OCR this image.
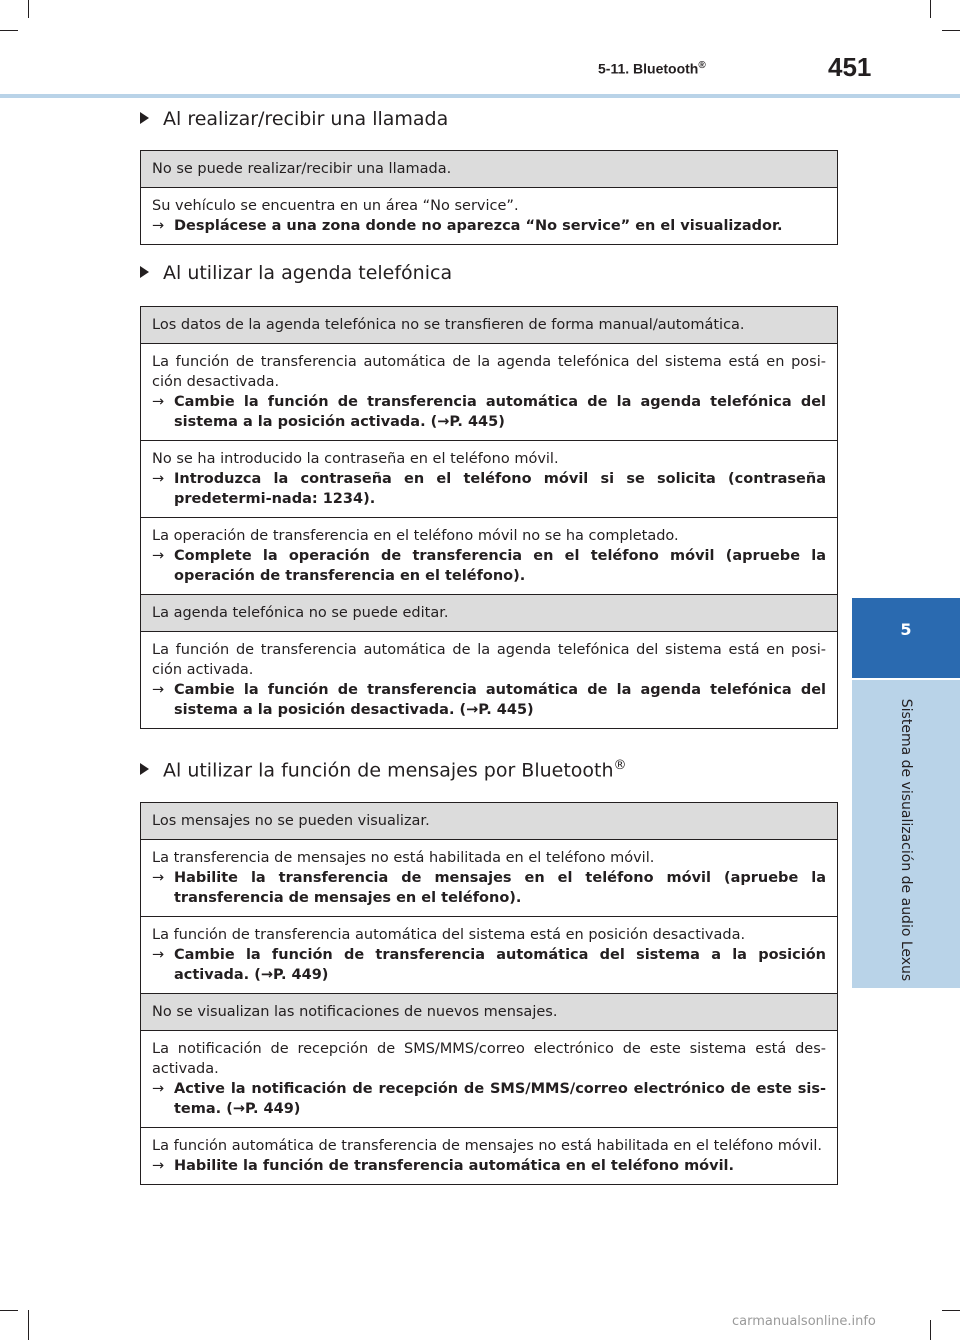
5-11. Bluetooth®	451
5
Sistema de visualización de audio Lexus
Al realizar/recibir una llamada
No se puede realizar/recibir una llamada.

Su vehículo se encuentra en un área “No service”.
→ Desplácese a una zona donde no aparezca “No service” en el visualizador.
Al utilizar la agenda telefónica
Los datos de la agenda telefónica no se transfieren de forma manual/automática.

La función de transferencia automática de la agenda telefónica del sistema está en posi-ción desactivada.
→ Cambie la función de transferencia automática de la agenda telefónica del sistema a la posición activada. (→P. 445)

No se ha introducido la contraseña en el teléfono móvil.
→ Introduzca la contraseña en el teléfono móvil si se solicita (contraseña predetermi-nada: 1234).

La operación de transferencia en el teléfono móvil no se ha completado.
→ Complete la operación de transferencia en el teléfono móvil (apruebe la operación de transferencia en el teléfono).

La agenda telefónica no se puede editar.

La función de transferencia automática de la agenda telefónica del sistema está en posi-ción activada.
→ Cambie la función de transferencia automática de la agenda telefónica del sistema a la posición desactivada. (→P. 445)
Al utilizar la función de mensajes por Bluetooth®
Los mensajes no se pueden visualizar.

La transferencia de mensajes no está habilitada en el teléfono móvil.
→ Habilite la transferencia de mensajes en el teléfono móvil (apruebe la transferencia de mensajes en el teléfono).

La función de transferencia automática del sistema está en posición desactivada.
→ Cambie la función de transferencia automática del sistema a la posición activada. (→P. 449)

No se visualizan las notificaciones de nuevos mensajes.

La notificación de recepción de SMS/MMS/correo electrónico de este sistema está des-activada.
→ Active la notificación de recepción de SMS/MMS/correo electrónico de este sis-tema. (→P. 449)

La función automática de transferencia de mensajes no está habilitada en el teléfono móvil.
→ Habilite la función de transferencia automática en el teléfono móvil.
carmanualsonline.info
